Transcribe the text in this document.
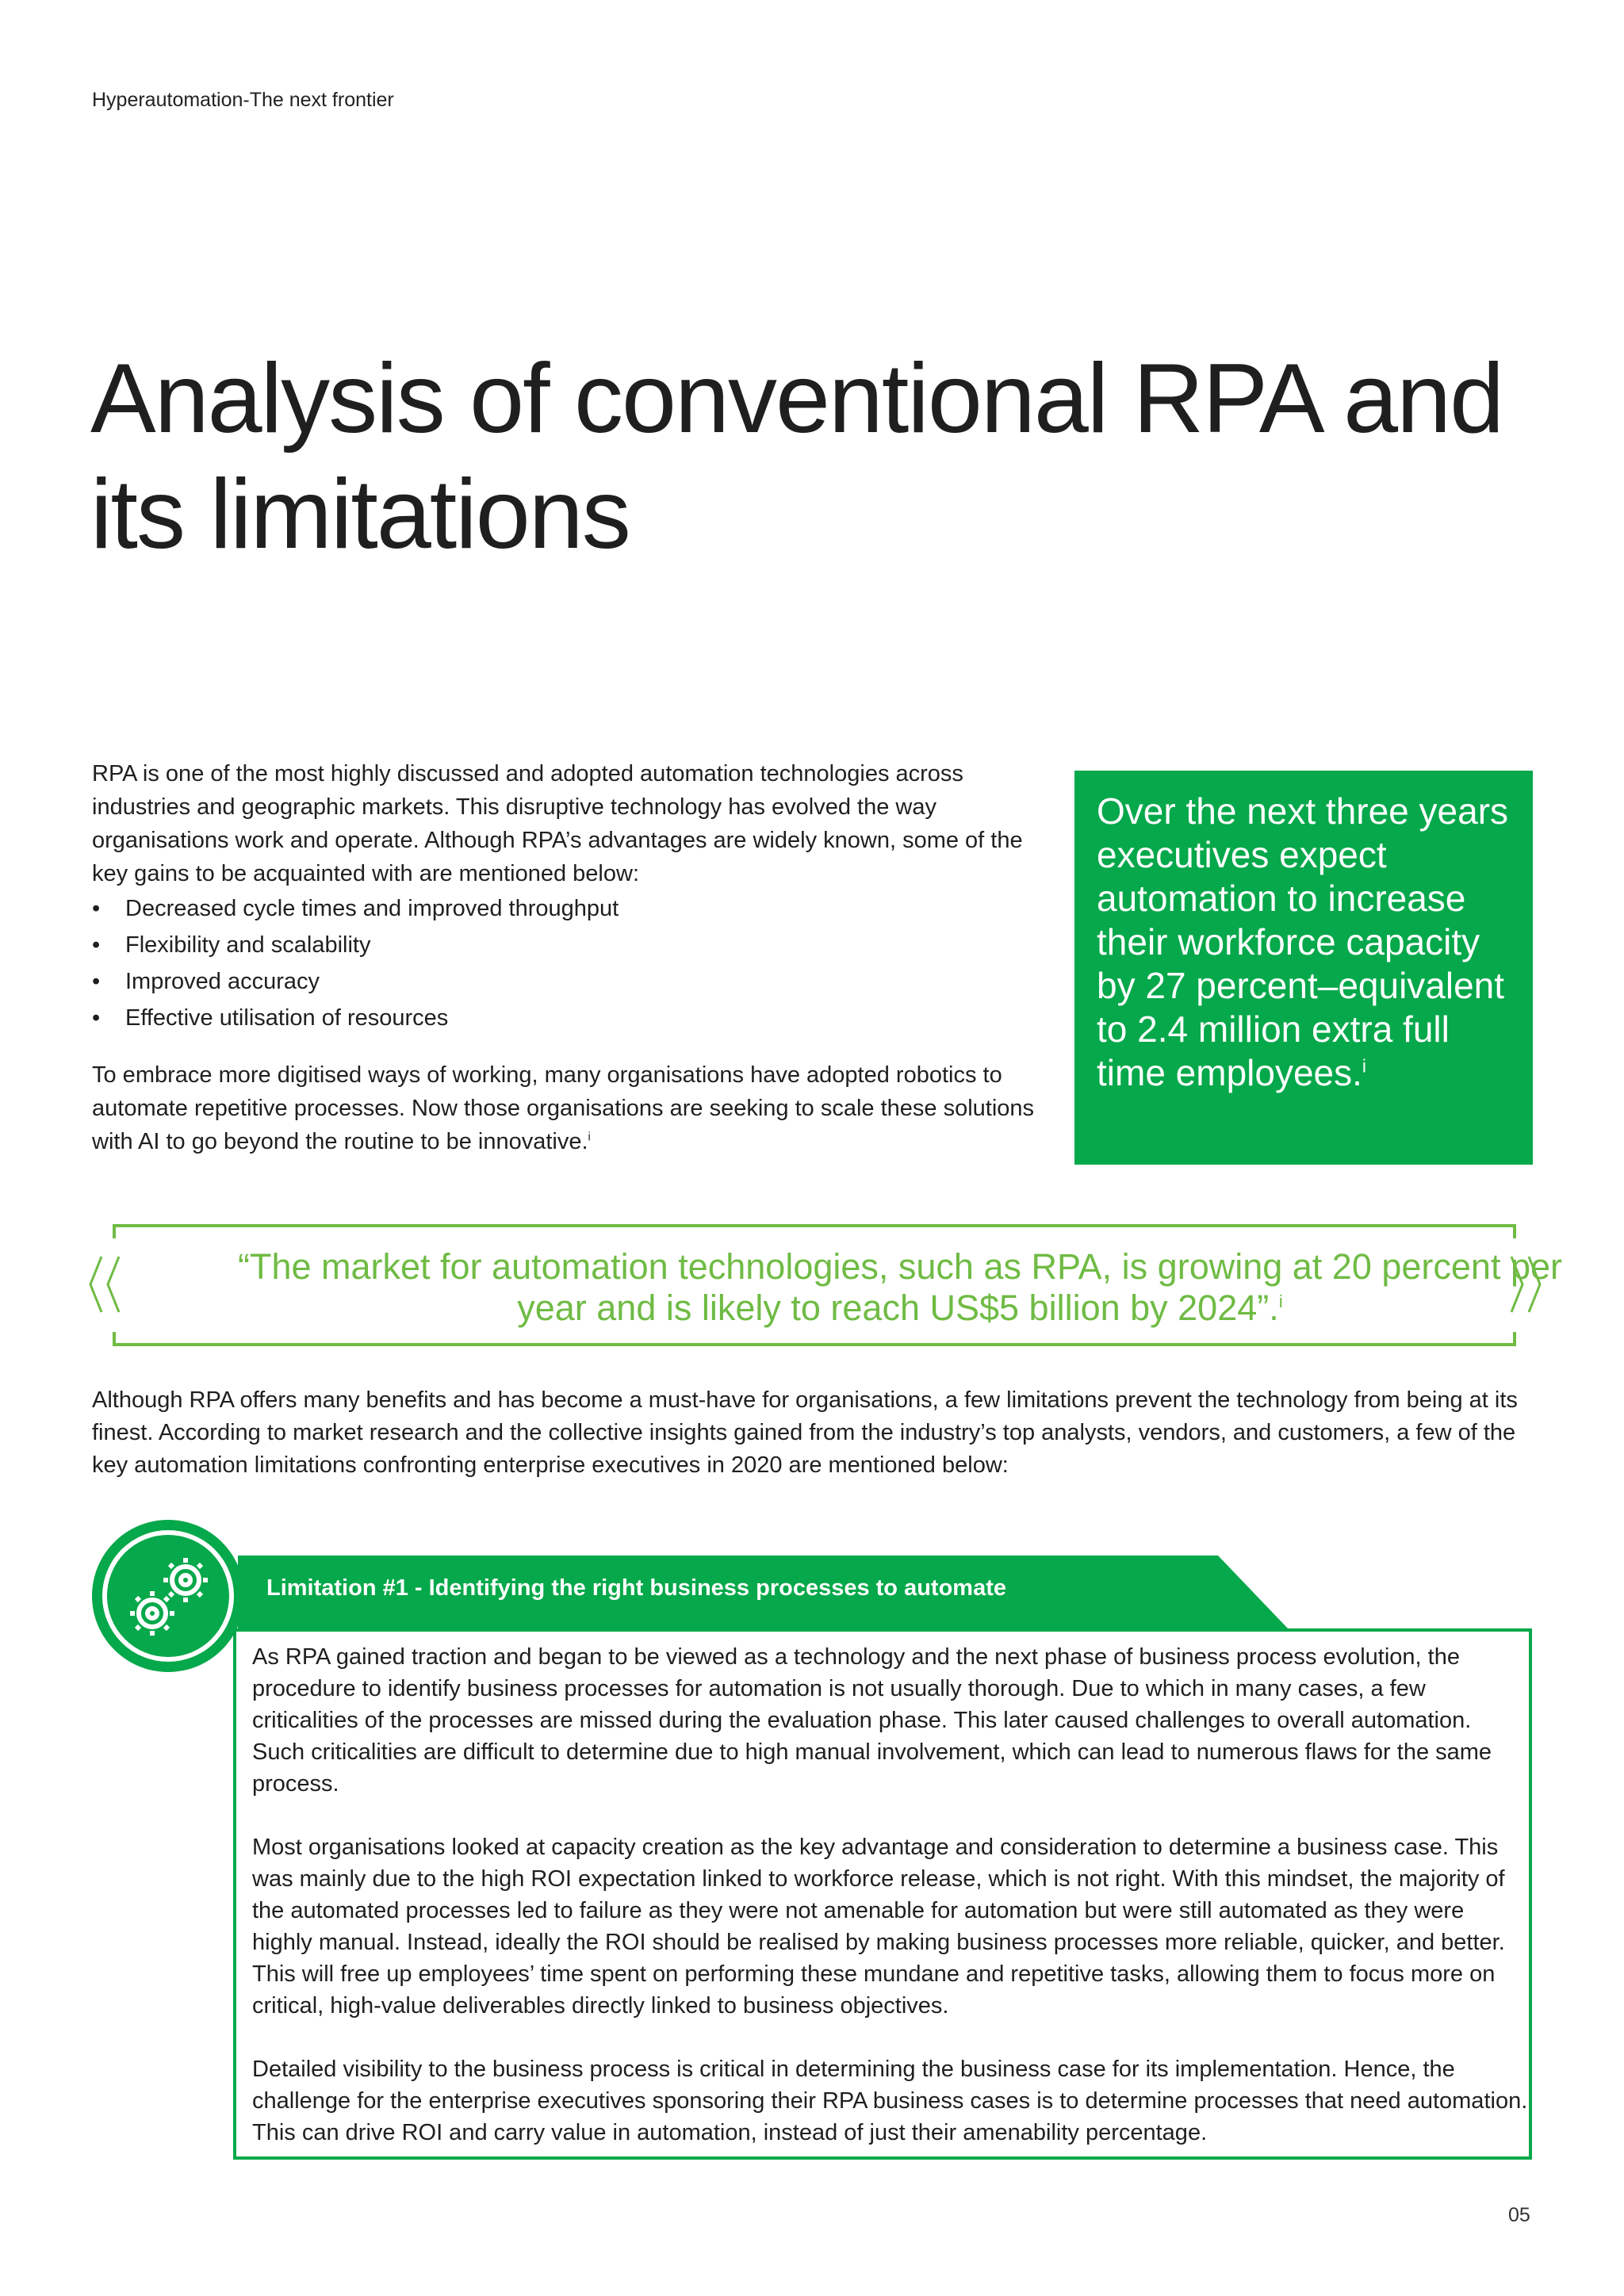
Hyperautomation-The next frontier
Analysis of conventional RPA and
its limitations

RPA is one of the most highly discussed and adopted automation technologies across industries and geographic markets. This disruptive technology has evolved the way organisations work and operate. Although RPA’s advantages are widely known, some of the key gains to be acquainted with are mentioned below:

• Decreased cycle times and improved throughput
• Flexibility and scalability
• Improved accuracy
• Effective utilisation of resources

To embrace more digitised ways of working, many organisations have adopted robotics to automate repetitive processes. Now those organisations are seeking to scale these solutions with AI to go beyond the routine to be innovative.$^i$

Over the next three years executives expect automation to increase their workforce capacity by 27 percent–equivalent to 2.4 million extra full time employees.$^i$

“The market for automation technologies, such as RPA, is growing at 20 percent per year and is likely to reach US$5 billion by 2024”.$^i$

Although RPA offers many benefits and has become a must-have for organisations, a few limitations prevent the technology from being at its finest. According to market research and the collective insights gained from the industry’s top analysts, vendors, and customers, a few of the key automation limitations confronting enterprise executives in 2020 are mentioned below:

Limitation #1 - Identifying the right business processes to automate

As RPA gained traction and began to be viewed as a technology and the next phase of business process evolution, the procedure to identify business processes for automation is not usually thorough. Due to which in many cases, a few criticalities of the processes are missed during the evaluation phase. This later caused challenges to overall automation. Such criticalities are difficult to determine due to high manual involvement, which can lead to numerous flaws for the same process.

Most organisations looked at capacity creation as the key advantage and consideration to determine a business case. This was mainly due to the high ROI expectation linked to workforce release, which is not right. With this mindset, the majority of the automated processes led to failure as they were not amenable for automation but were still automated as they were highly manual. Instead, ideally the ROI should be realised by making business processes more reliable, quicker, and better. This will free up employees’ time spent on performing these mundane and repetitive tasks, allowing them to focus more on critical, high-value deliverables directly linked to business objectives.

Detailed visibility to the business process is critical in determining the business case for its implementation. Hence, the challenge for the enterprise executives sponsoring their RPA business cases is to determine processes that need automation. This can drive ROI and carry value in automation, instead of just their amenability percentage.

05
